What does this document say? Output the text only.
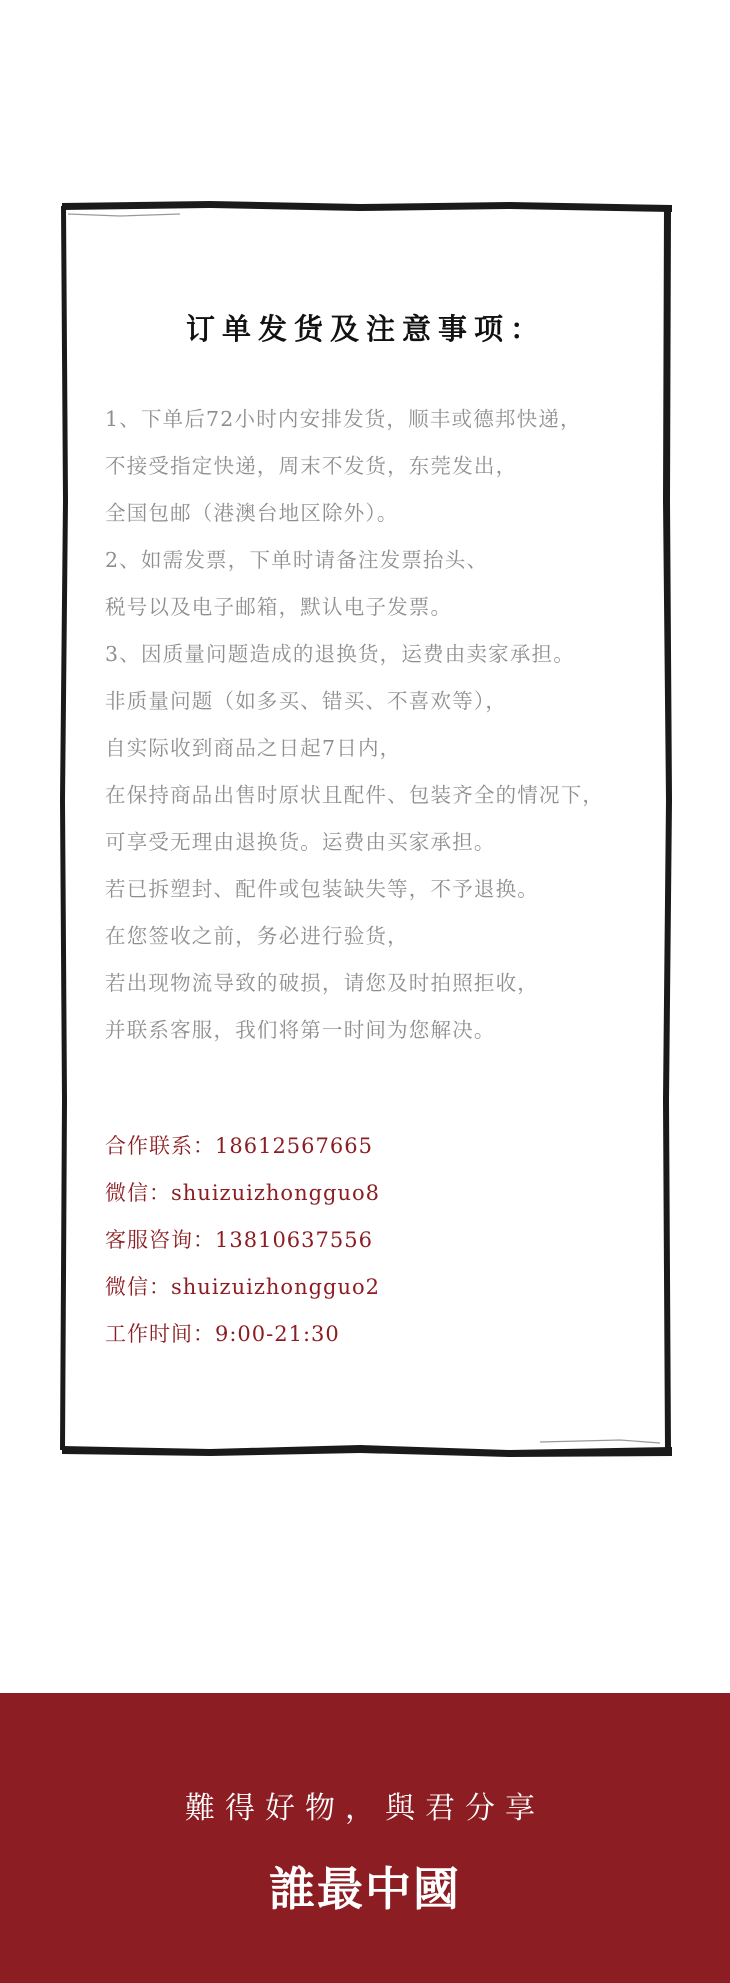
订单发货及注意事项：
1、下单后72小时内安排发货，顺丰或德邦快递，
不接受指定快递，周末不发货，东莞发出，
全国包邮（港澳台地区除外）。
2、如需发票，下单时请备注发票抬头、
税号以及电子邮箱，默认电子发票。
3、因质量问题造成的退换货，运费由卖家承担。
非质量问题（如多买、错买、不喜欢等），
自实际收到商品之日起7日内，
在保持商品出售时原状且配件、包装齐全的情况下，
可享受无理由退换货。运费由买家承担。
若已拆塑封、配件或包装缺失等，不予退换。
在您签收之前，务必进行验货，
若出现物流导致的破损，请您及时拍照拒收，
并联系客服，我们将第一时间为您解决。
合作联系：18612567665
微信：shuizuizhongguo8
客服咨询：13810637556
微信：shuizuizhongguo2
工作时间：9:00-21:30
難得好物，與君分享
誰最中國
